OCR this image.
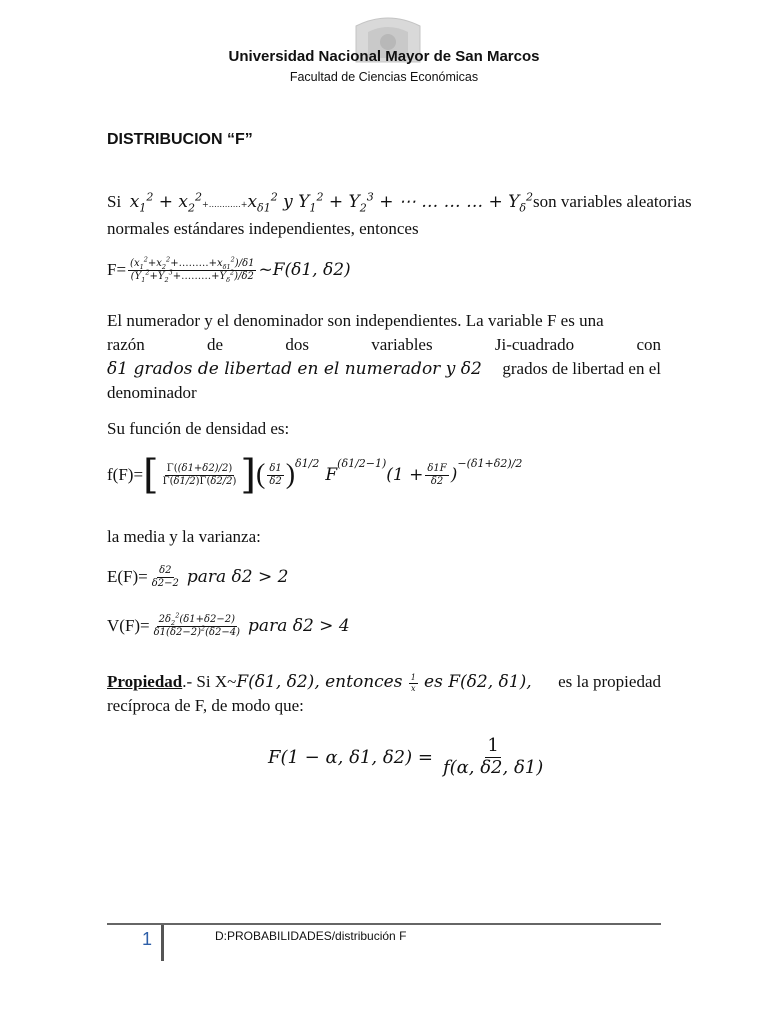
Universidad Nacional Mayor de San Marcos
Facultad de Ciencias Económicas
DISTRIBUCION “F”
Si
$x_1^2$ + $x_2^2+\dots\dots\dots\dots+x_{\delta 1}^2$ y $Y_1^2 + Y_2^3$ + ⋯ … … … + $Y_\delta^2$ son variables aleatorias
normales estándares independientes, entonces
$F= \frac{(x_1^2+x_2^2+\dots\dots\dots+x_{\delta 1}^2)/\delta 1}{(Y_1^2+Y_2^3+\dots\dots\dots+Y_\delta^2)/\delta 2}$ ~F(δ1, δ2)
El numerador y el denominador son independientes. La variable F es una
razón	de	dos	variables	Ji-cuadrado	con
δ1 grados de libertad en el numerador y δ2 grados de libertad en el
denominador
Su función de densidad es:
f(F)= [ $\frac{\Gamma((\delta 1+\delta 2)/2)}{\Gamma(\delta 1/2)\Gamma(\delta 2/2)}$ ] ( $\frac{\delta 1}{\delta 2}$ ) δ1/2
F
(δ1/2−1)
($1 + \frac{\delta 1F}{\delta 2}$ )
−(δ1+δ2)/2
la media y la varianza:
$E(F)= \frac{\delta 2}{\delta 2-2}$ para δ2 > 2
$V(F)= \frac{2\delta_2^2(\delta 1+\delta 2-2)}{\delta 1(\delta 2-2)^2(\delta 2-4)}$ para δ2 > 4
Propiedad.- Si X~F(δ1, δ2), entonces $\frac{1}{x}$ es F(δ2, δ1), es la propiedad
recíproca de F, de modo que:
F(1 − α, δ1, $\delta 2) = \frac{1}{f(\alpha, \delta 2, \delta 1)}$
1	D:PROBABILIDADES/distribución F
